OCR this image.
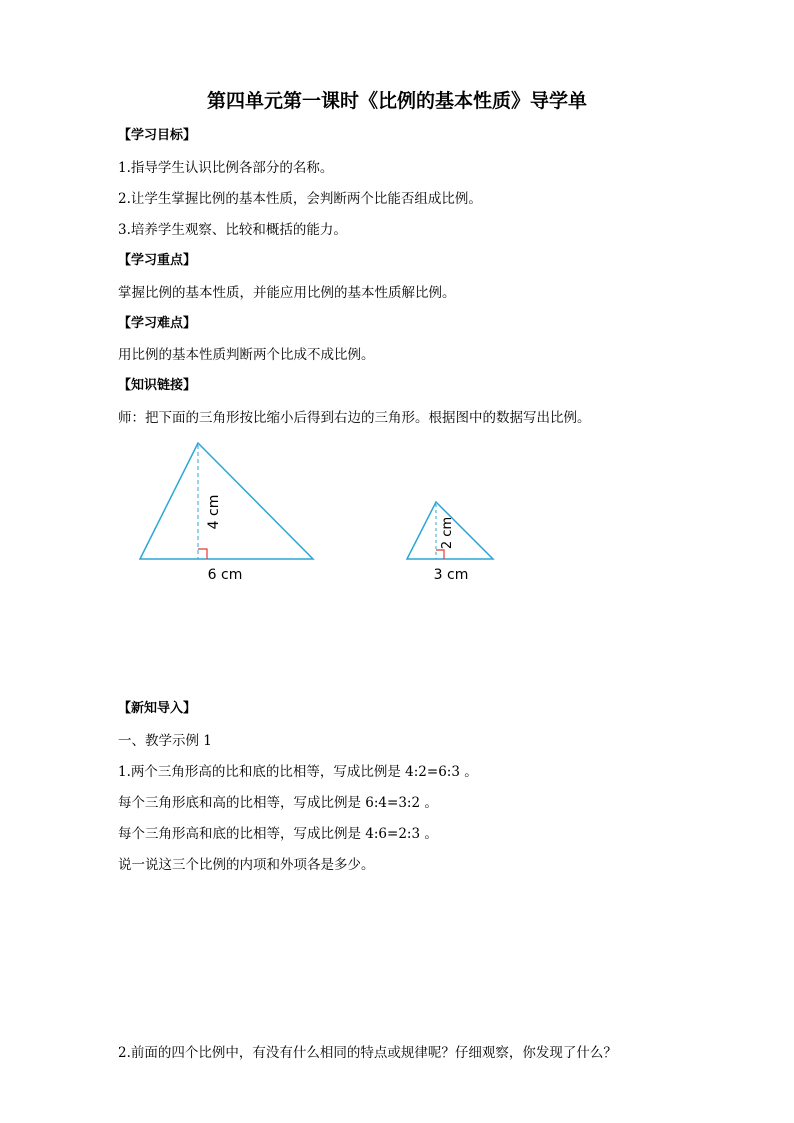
第四单元第一课时《比例的基本性质》导学单
【学习目标】
1.指导学生认识比例各部分的名称。
2.让学生掌握比例的基本性质，会判断两个比能否组成比例。
3.培养学生观察、比较和概括的能力。
【学习重点】
掌握比例的基本性质，并能应用比例的基本性质解比例。
【学习难点】
用比例的基本性质判断两个比成不成比例。
【知识链接】
师：把下面的三角形按比缩小后得到右边的三角形。根据图中的数据写出比例。
4 cm
6 cm
2 cm
3 cm
【新知导入】
一、教学示例 1
1.两个三角形高的比和底的比相等，写成比例是 4:2=6:3 。
每个三角形底和高的比相等，写成比例是 6:4=3:2 。
每个三角形高和底的比相等，写成比例是 4:6=2:3 。
说一说这三个比例的内项和外项各是多少。
2.前面的四个比例中，有没有什么相同的特点或规律呢？仔细观察，你发现了什么？
